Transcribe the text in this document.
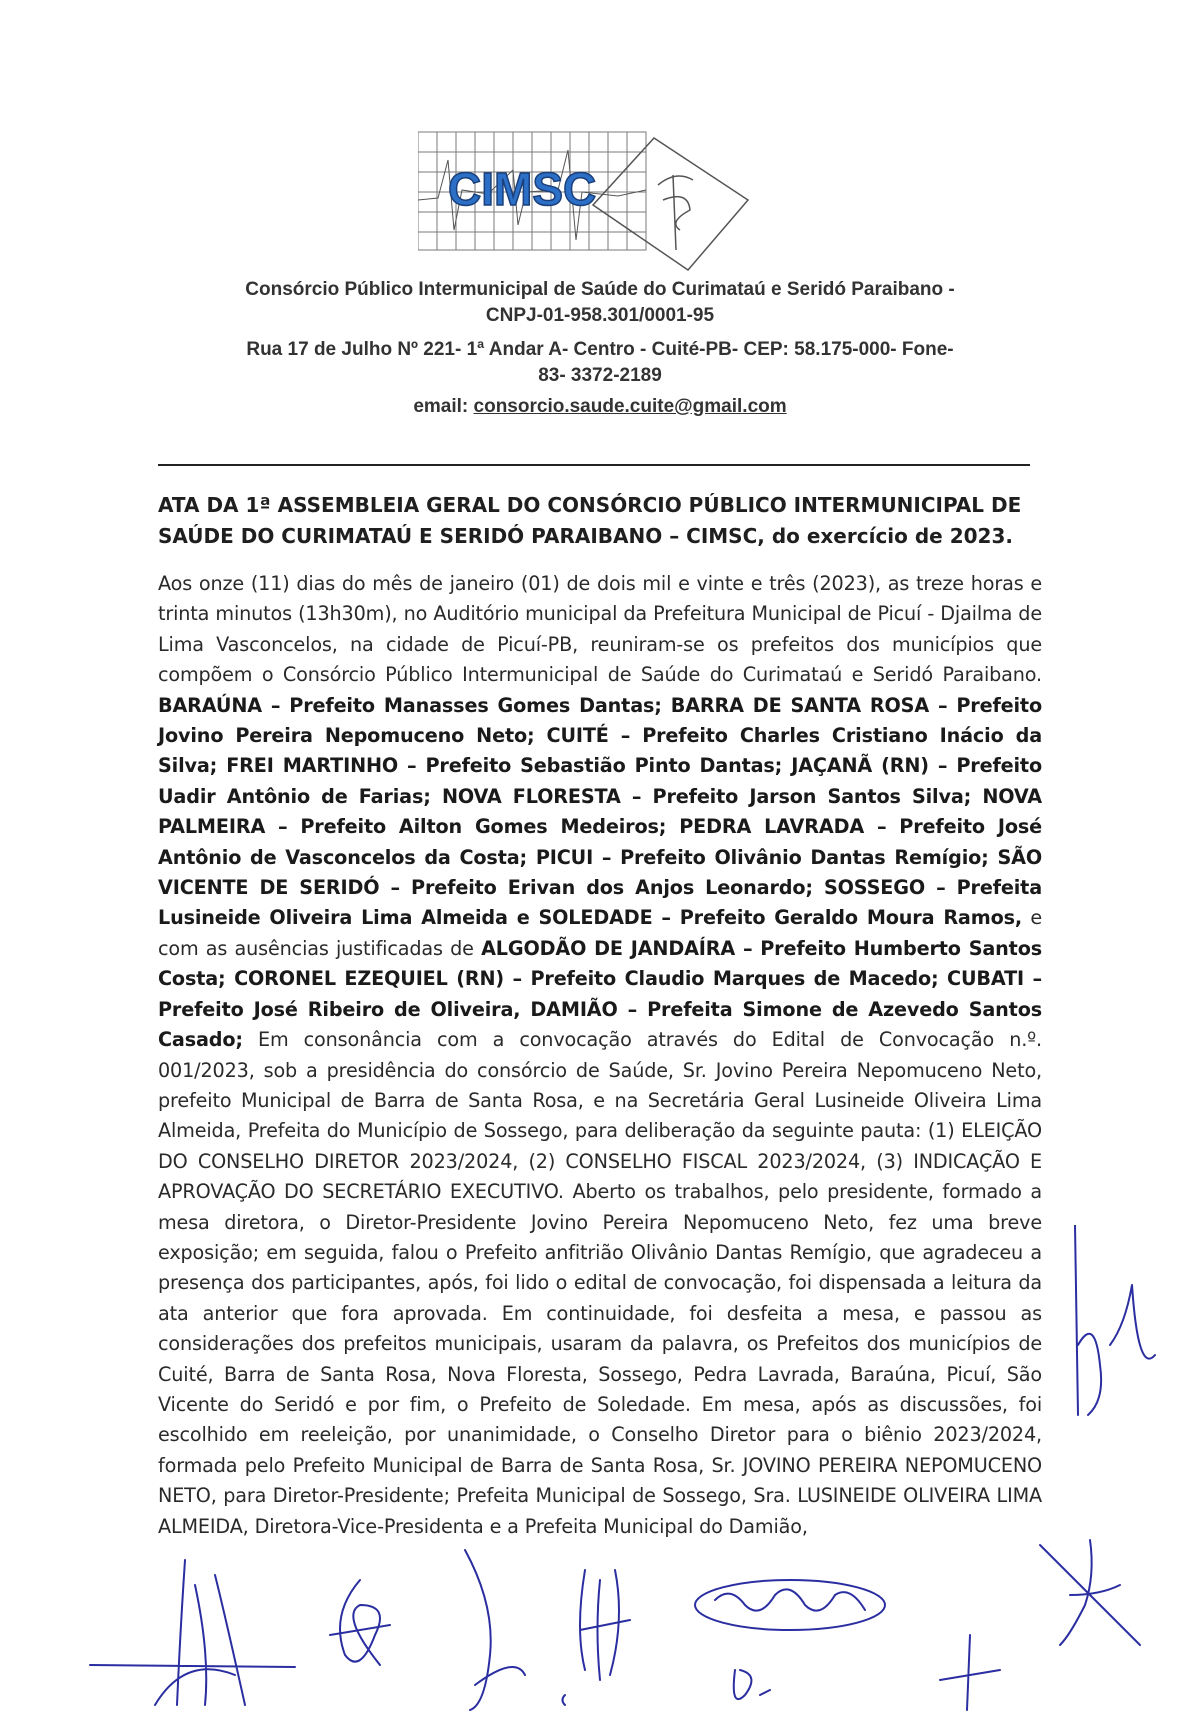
CIMSC
Consórcio Público Intermunicipal de Saúde do Curimataú e Seridó Paraibano -
CNPJ-01-958.301/0001-95
Rua 17 de Julho Nº 221- 1ª Andar A- Centro - Cuité-PB- CEP: 58.175-000- Fone-
83- 3372-2189
email: consorcio.saude.cuite@gmail.com
ATA DA 1ª ASSEMBLEIA GERAL DO CONSÓRCIO PÚBLICO INTERMUNICIPAL DE SAÚDE DO CURIMATAÚ E SERIDÓ PARAIBANO – CIMSC, do exercício de 2023.
Aos onze (11) dias do mês de janeiro (01) de dois mil e vinte e três (2023), as treze horas e trinta minutos (13h30m), no Auditório municipal da Prefeitura Municipal de Picuí - Djailma de Lima Vasconcelos, na cidade de Picuí-PB, reuniram-se os prefeitos dos municípios que compõem o Consórcio Público Intermunicipal de Saúde do Curimataú e Seridó Paraibano. BARAÚNA – Prefeito Manasses Gomes Dantas; BARRA DE SANTA ROSA – Prefeito Jovino Pereira Nepomuceno Neto; CUITÉ – Prefeito Charles Cristiano Inácio da Silva; FREI MARTINHO – Prefeito Sebastião Pinto Dantas; JAÇANÃ (RN) – Prefeito Uadir Antônio de Farias; NOVA FLORESTA – Prefeito Jarson Santos Silva; NOVA PALMEIRA – Prefeito Ailton Gomes Medeiros; PEDRA LAVRADA – Prefeito José Antônio de Vasconcelos da Costa; PICUI – Prefeito Olivânio Dantas Remígio; SÃO VICENTE DE SERIDÓ – Prefeito Erivan dos Anjos Leonardo; SOSSEGO – Prefeita Lusineide Oliveira Lima Almeida e SOLEDADE – Prefeito Geraldo Moura Ramos, e com as ausências justificadas de ALGODÃO DE JANDAÍRA – Prefeito Humberto Santos Costa; CORONEL EZEQUIEL (RN) – Prefeito Claudio Marques de Macedo; CUBATI – Prefeito José Ribeiro de Oliveira, DAMIÃO – Prefeita Simone de Azevedo Santos Casado; Em consonância com a convocação através do Edital de Convocação n.º. 001/2023, sob a presidência do consórcio de Saúde, Sr. Jovino Pereira Nepomuceno Neto, prefeito Municipal de Barra de Santa Rosa, e na Secretária Geral Lusineide Oliveira Lima Almeida, Prefeita do Município de Sossego, para deliberação da seguinte pauta: (1) ELEIÇÃO DO CONSELHO DIRETOR 2023/2024, (2) CONSELHO FISCAL 2023/2024, (3) INDICAÇÃO E APROVAÇÃO DO SECRETÁRIO EXECUTIVO. Aberto os trabalhos, pelo presidente, formado a mesa diretora, o Diretor-Presidente Jovino Pereira Nepomuceno Neto, fez uma breve exposição; em seguida, falou o Prefeito anfitrião Olivânio Dantas Remígio, que agradeceu a presença dos participantes, após, foi lido o edital de convocação, foi dispensada a leitura da ata anterior que fora aprovada. Em continuidade, foi desfeita a mesa, e passou as considerações dos prefeitos municipais, usaram da palavra, os Prefeitos dos municípios de Cuité, Barra de Santa Rosa, Nova Floresta, Sossego, Pedra Lavrada, Baraúna, Picuí, São Vicente do Seridó e por fim, o Prefeito de Soledade. Em mesa, após as discussões, foi escolhido em reeleição, por unanimidade, o Conselho Diretor para o biênio 2023/2024, formada pelo Prefeito Municipal de Barra de Santa Rosa, Sr. JOVINO PEREIRA NEPOMUCENO NETO, para Diretor-Presidente; Prefeita Municipal de Sossego, Sra. LUSINEIDE OLIVEIRA LIMA ALMEIDA, Diretora-Vice-Presidenta e a Prefeita Municipal do Damião,
